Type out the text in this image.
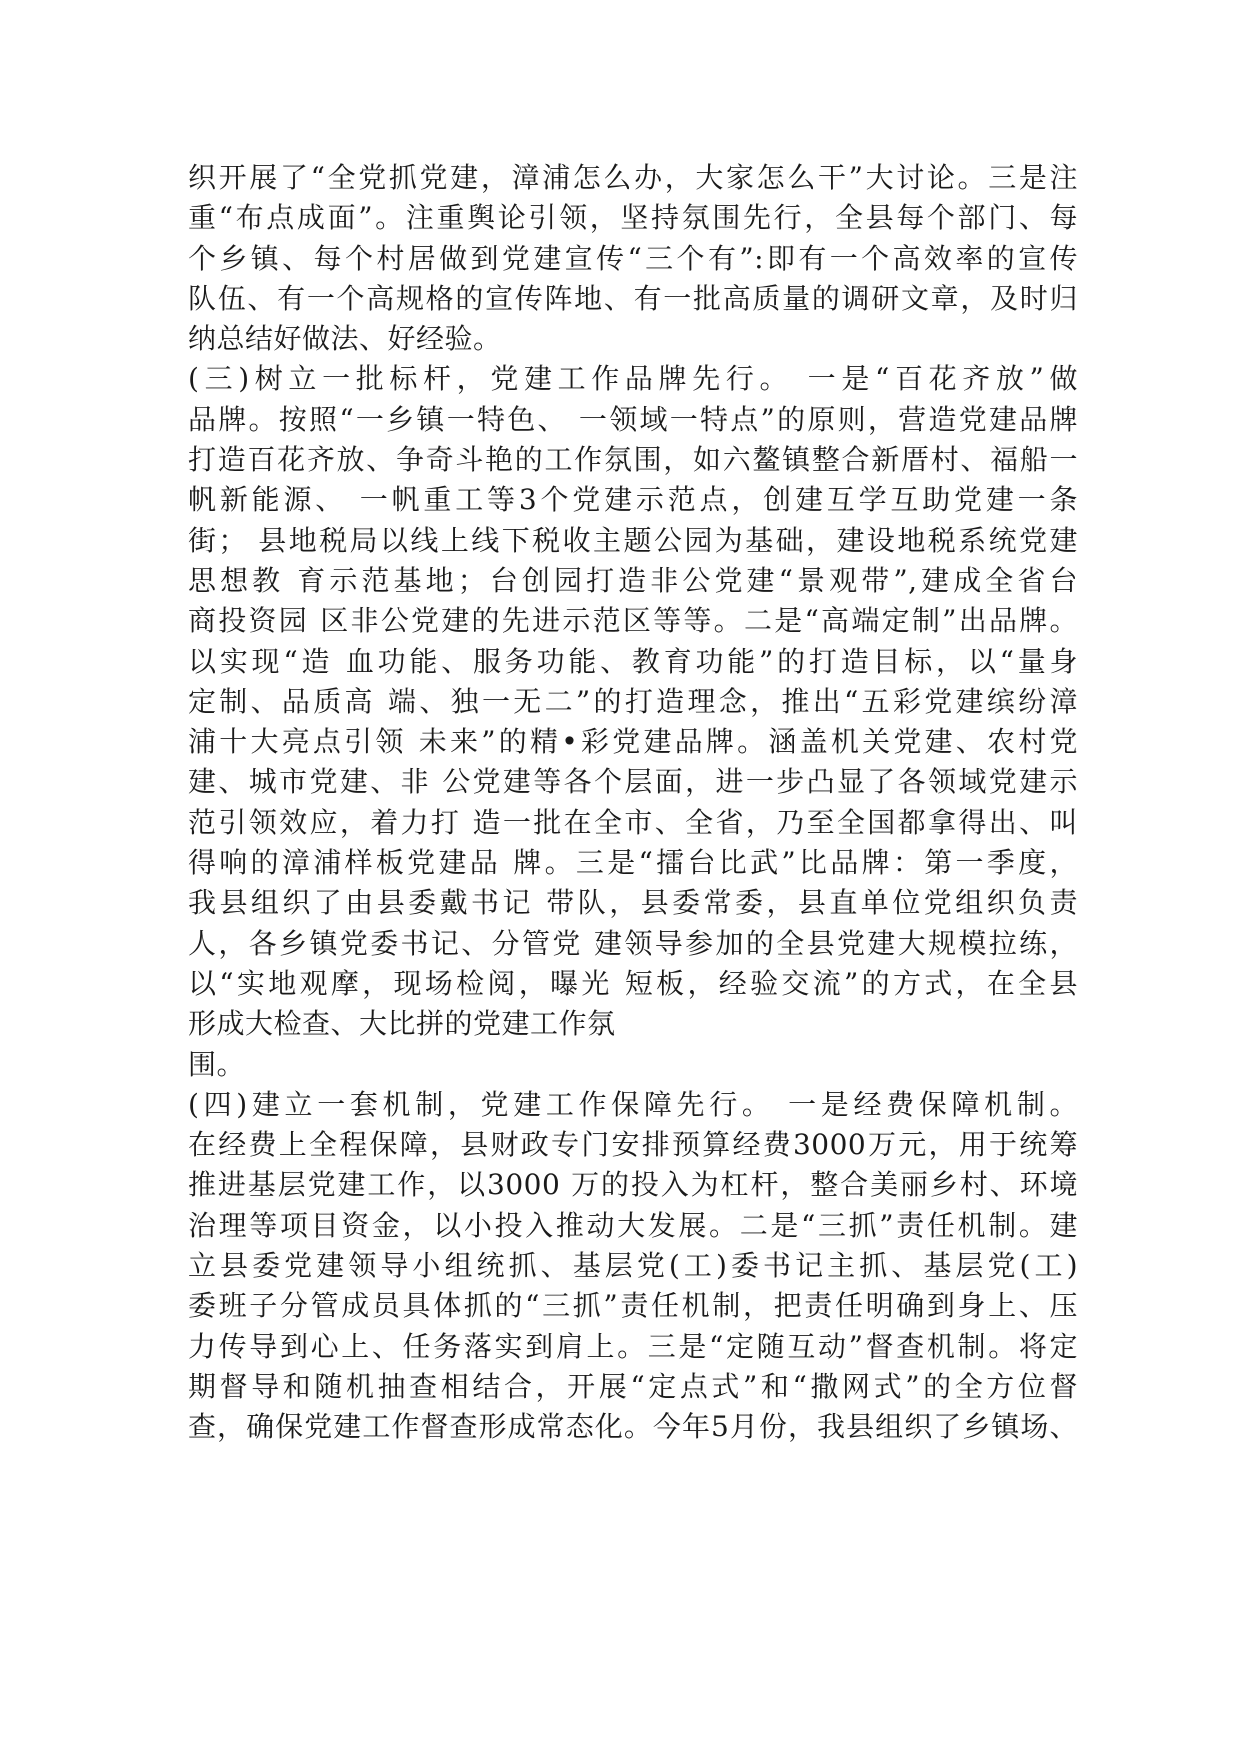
织开展了“全党抓党建，漳浦怎么办，大家怎么干”大讨论。三是注
重“布点成面”。注重舆论引领，坚持氛围先行，全县每个部门、每
个乡镇、每个村居做到党建宣传“三个有”:即有一个高效率的宣传
队伍、有一个高规格的宣传阵地、有一批高质量的调研文章，及时归
纳总结好做法、好经验。
(三)树立一批标杆，党建工作品牌先行。 一是“百花齐放”做
品牌。按照“一乡镇一特色、 一领域一特点”的原则，营造党建品牌
打造百花齐放、争奇斗艳的工作氛围，如六鳌镇整合新厝村、福船一
帆新能源、 一帆重工等3个党建示范点，创建互学互助党建一条
街； 县地税局以线上线下税收主题公园为基础，建设地税系统党建
思想教 育示范基地；台创园打造非公党建“景观带”,建成全省台
商投资园 区非公党建的先进示范区等等。二是“高端定制”出品牌。
以实现“造 血功能、服务功能、教育功能”的打造目标，以“量身
定制、品质高 端、独一无二”的打造理念，推出“五彩党建缤纷漳
浦十大亮点引领 未来”的精•彩党建品牌。涵盖机关党建、农村党
建、城市党建、非 公党建等各个层面，进一步凸显了各领域党建示
范引领效应，着力打 造一批在全市、全省，乃至全国都拿得出、叫
得响的漳浦样板党建品 牌。三是“擂台比武”比品牌：第一季度，
我县组织了由县委戴书记 带队，县委常委，县直单位党组织负责
人，各乡镇党委书记、分管党 建领导参加的全县党建大规模拉练，
以“实地观摩，现场检阅，曝光 短板，经验交流”的方式，在全县
形成大检查、大比拼的党建工作氛
围。
(四)建立一套机制，党建工作保障先行。 一是经费保障机制。
在经费上全程保障，县财政专门安排预算经费3000万元，用于统筹
推进基层党建工作，以3000 万的投入为杠杆，整合美丽乡村、环境
治理等项目资金，以小投入推动大发展。二是“三抓”责任机制。建
立县委党建领导小组统抓、基层党(工)委书记主抓、基层党(工)
委班子分管成员具体抓的“三抓”责任机制，把责任明确到身上、压
力传导到心上、任务落实到肩上。三是“定随互动”督查机制。将定
期督导和随机抽查相结合，开展“定点式”和“撒网式”的全方位督
查，确保党建工作督查形成常态化。今年5月份，我县组织了乡镇场、
